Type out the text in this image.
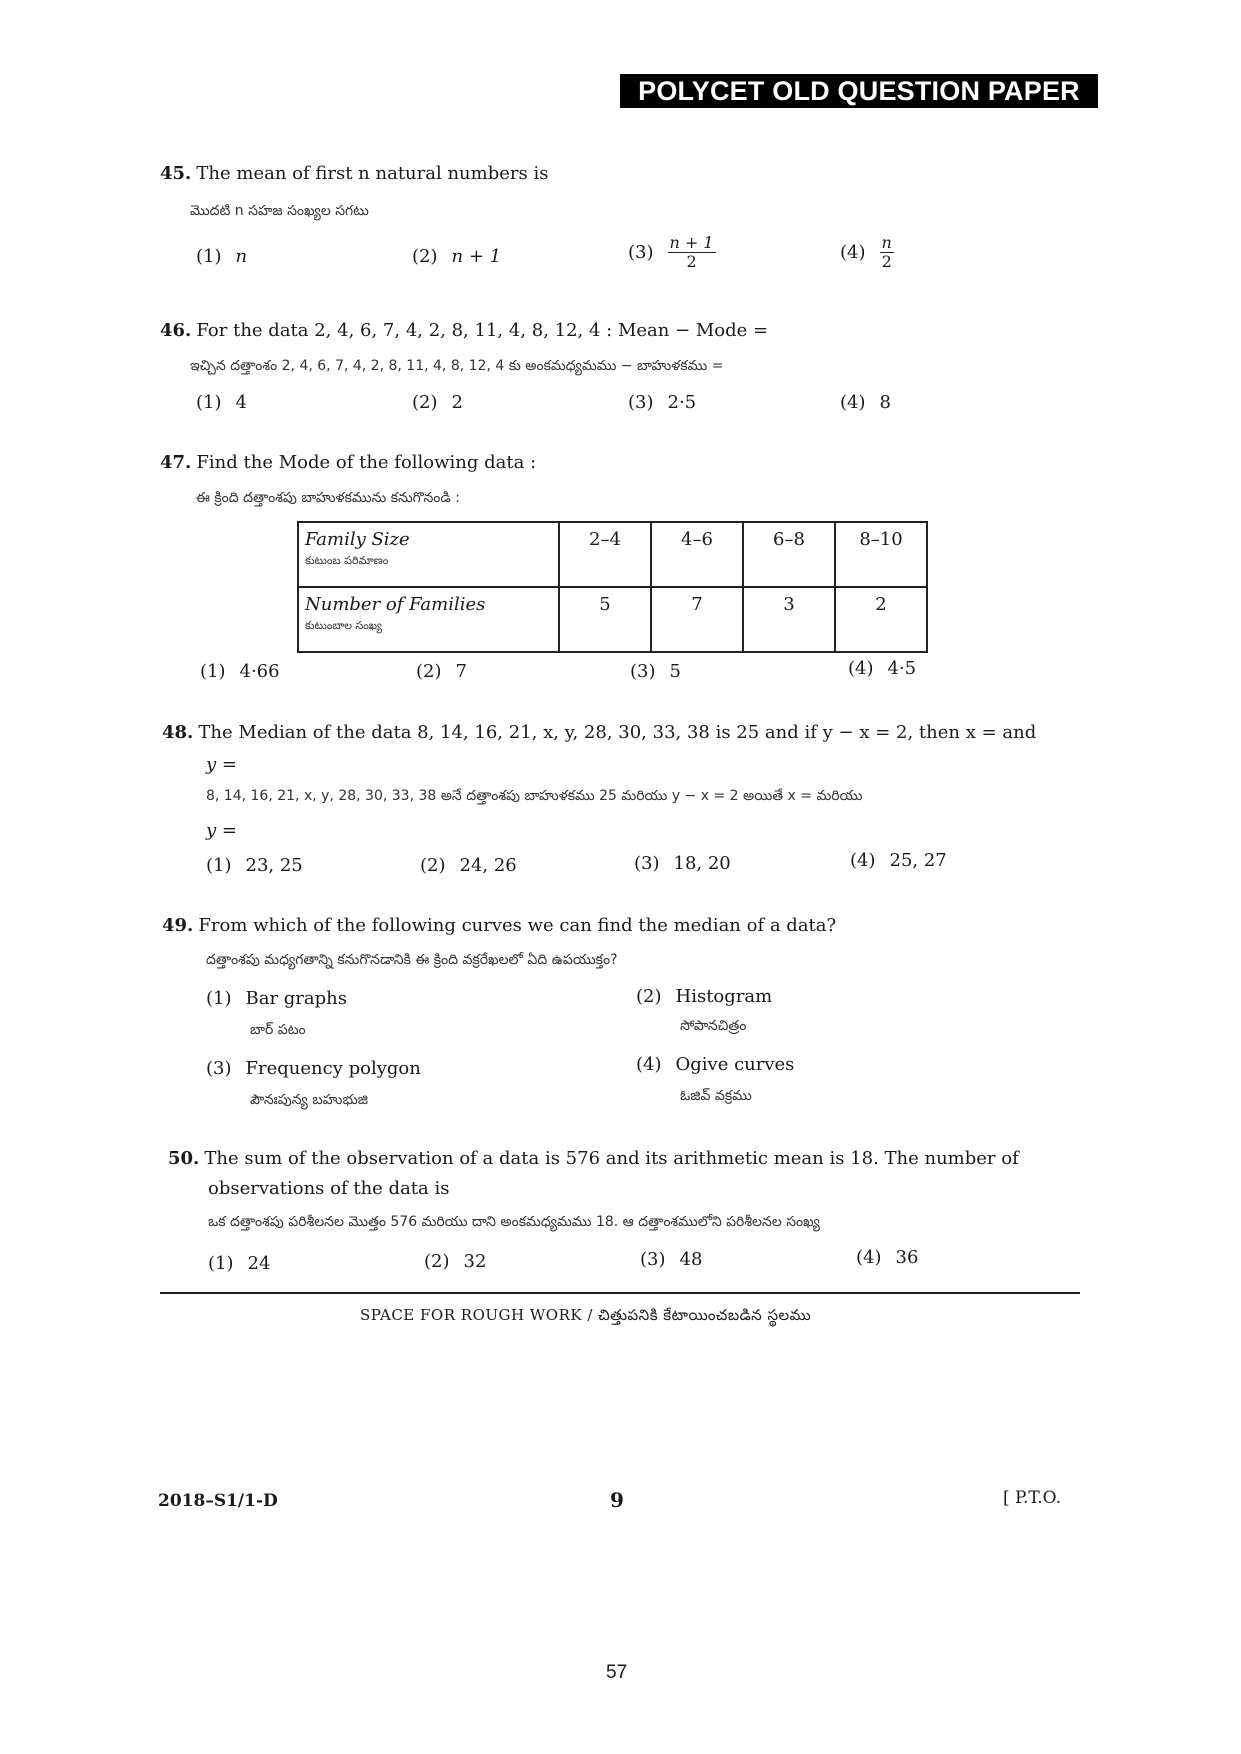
POLYCET OLD QUESTION PAPER
45. The mean of first n natural numbers is
మొదటి n సహజ సంఖ్యల సగటు
(1) n	(2) n + 1	$(3) \frac{n + 1}{2}$	$(4) \frac{n}{2}$
46. For the data 2, 4, 6, 7, 4, 2, 8, 11, 4, 8, 12, 4 : Mean − Mode =
ఇచ్చిన దత్తాంశం 2, 4, 6, 7, 4, 2, 8, 11, 4, 8, 12, 4 కు అంకమధ్యమము − బాహుళకము =
(1) 4	(2) 2	(3) 2·5	(4) 8
47. Find the Mode of the following data :
ఈ క్రింది దత్తాంశపు బాహుళకమును కనుగొనండి :
Family Size
కుటుంబ పరిమాణం	2–4	4–6	6–8	8–10
Number of Families
కుటుంబాల సంఖ్య	5	7	3	2
(1) 4·66	(2) 7	(3) 5	(4) 4·5
48. The Median of the data 8, 14, 16, 21, x, y, 28, 30, 33, 38 is 25 and if y − x = 2, then x = and
y =
8, 14, 16, 21, x, y, 28, 30, 33, 38 అనే దత్తాంశపు బాహుళకము 25 మరియు y − x = 2 అయితే x = మరియు
y =
(1) 23, 25	(2) 24, 26	(3) 18, 20	(4) 25, 27
49. From which of the following curves we can find the median of a data?
దత్తాంశపు మధ్యగతాన్ని కనుగొనడానికి ఈ క్రింది వక్రరేఖలలో ఏది ఉపయుక్తం?
(1) Bar graphs
బార్ పటం
(2) Histogram
సోపానచిత్రం
(3) Frequency polygon
పౌనఃపున్య బహుభుజి
(4) Ogive curves
ఓజివ్ వక్రము
50. The sum of the observation of a data is 576 and its arithmetic mean is 18. The number of
observations of the data is
ఒక దత్తాంశపు పరిశీలనల మొత్తం 576 మరియు దాని అంకమధ్యమము 18. ఆ దత్తాంశములోని పరిశీలనల సంఖ్య
(1) 24	(2) 32	(3) 48	(4) 36
SPACE FOR ROUGH WORK / చిత్తుపనికి కేటాయించబడిన స్థలము
2018–S1/1-D	9	[ P.T.O.
57
